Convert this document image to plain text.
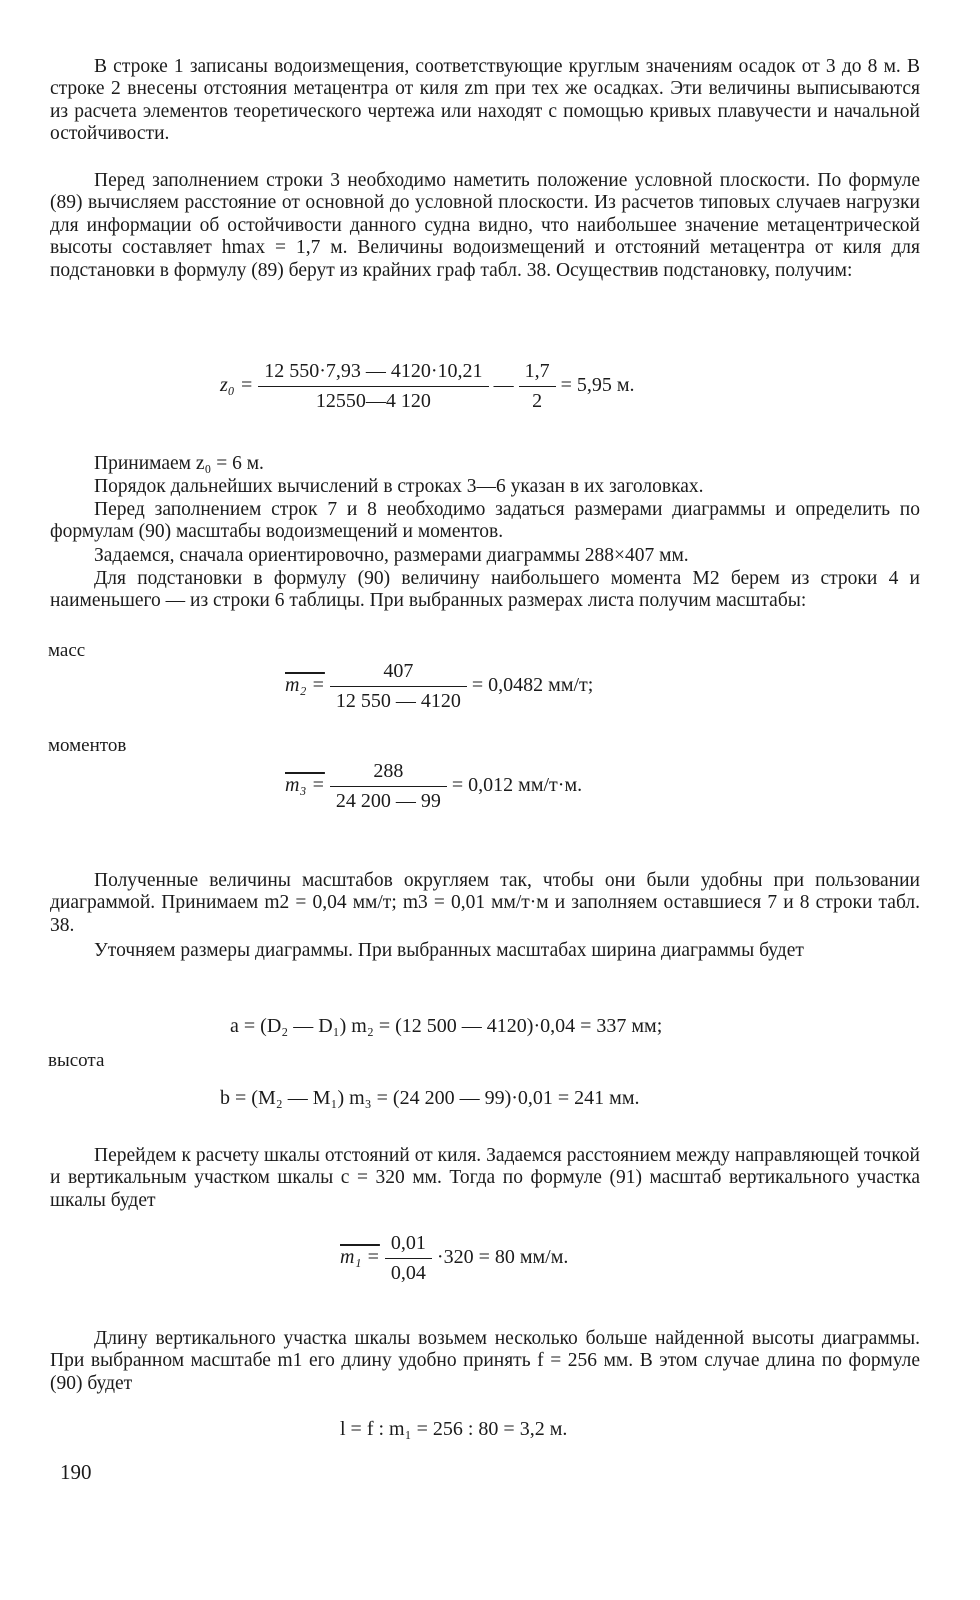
В строке 1 записаны водоизмещения, соответствующие круглым значениям осадок от 3 до 8 м. В строке 2 внесены отстояния метацентра от киля zm при тех же осадках. Эти величины выписываются из расчета элементов теоретического чертежа или находят с помощью кривых плавучести и начальной остойчивости.
Перед заполнением строки 3 необходимо наметить положение условной плоскости. По формуле (89) вычисляем расстояние от основной до условной плоскости. Из расчетов типовых случаев нагрузки для информации об остойчивости данного судна видно, что наибольшее значение метацентрической высоты составляет hmax = 1,7 м. Величины водоизмещений и отстояний метацентра от киля для подстановки в формулу (89) берут из крайних граф табл. 38. Осуществив подстановку, получим:
$z_0 = \frac{12 550\cdot 7,93 — 4120\cdot 10,21}{12550—4 120}$ — $\frac{1,7}{2} = 5,95$ м.
Принимаем z₀ = 6 м.
Порядок дальнейших вычислений в строках 3—6 указан в их заголовках.
Перед заполнением строк 7 и 8 необходимо задаться размерами диаграммы и определить по формулам (90) масштабы водоизмещений и моментов.
Задаемся, сначала ориентировочно, размерами диаграммы 288×407 мм.
Для подстановки в формулу (90) величину наибольшего момента M2 берем из строки 4 и наименьшего — из строки 6 таблицы. При выбранных размерах листа получим масштабы:
масс
$m_2 = \frac{407}{12 550 — 4120} = 0,0482$ мм/т;
моментов
$m_3 = \frac{288}{24 200 — 99} = 0,012$ мм/т·м.
Полученные величины масштабов округляем так, чтобы они были удобны при пользовании диаграммой. Принимаем m2 = 0,04 мм/т; m3 = 0,01 мм/т·м и заполняем оставшиеся 7 и 8 строки табл. 38.
Уточняем размеры диаграммы. При выбранных масштабах ширина диаграммы будет
a = (D₂ — D₁) m₂ = (12 500 — 4120)·0,04 = 337 мм;
высота
b = (M₂ — M₁) m₃ = (24 200 — 99)·0,01 = 241 мм.
Перейдем к расчету шкалы отстояний от киля. Задаемся расстоянием между направляющей точкой и вертикальным участком шкалы c = 320 мм. Тогда по формуле (91) масштаб вертикального участка шкалы будет
$m_1 = \frac{0,01}{0,04} \cdot 320 = 80$ мм/м.
Длину вертикального участка шкалы возьмем несколько больше найденной высоты диаграммы. При выбранном масштабе m1 его длину удобно принять f = 256 мм. В этом случае длина по формуле (90) будет
l = f : m₁ = 256 : 80 = 3,2 м.
190
